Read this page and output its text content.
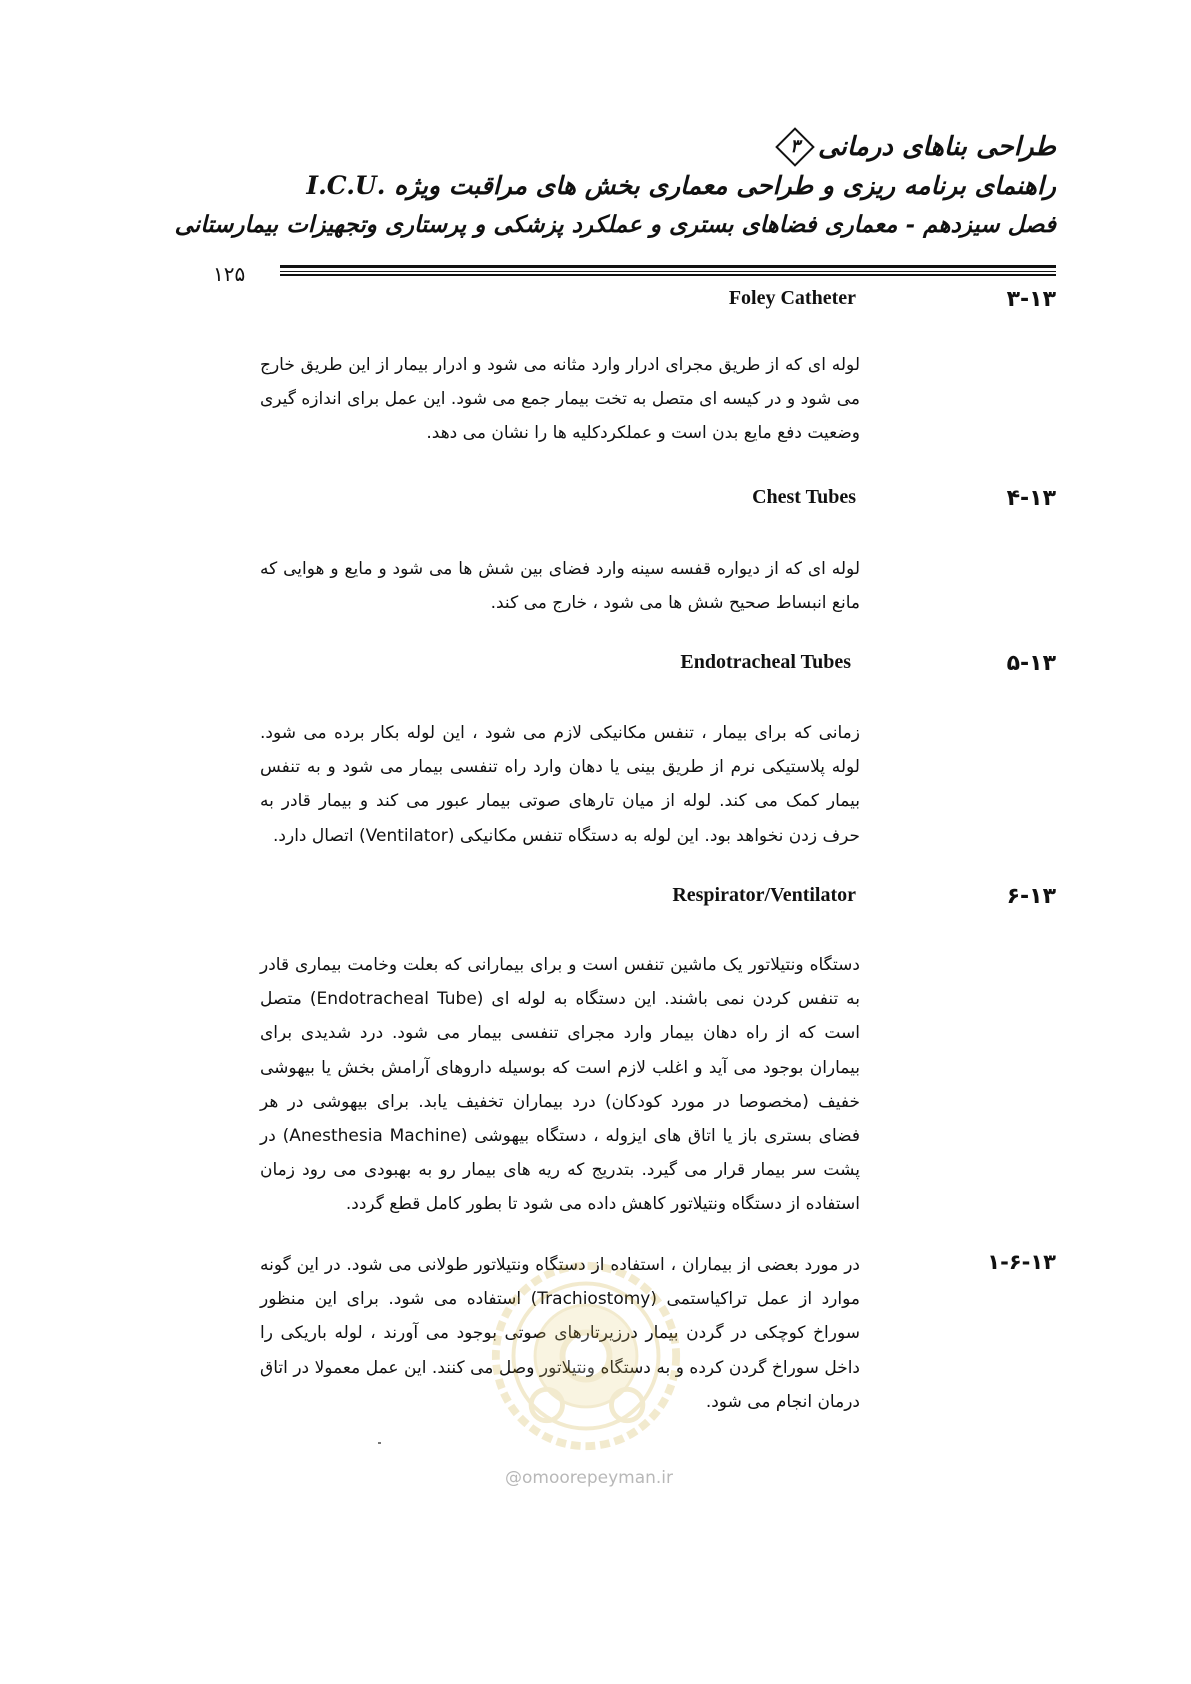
طراحی بناهای درمانی
۳
راهنمای برنامه ریزی و طراحی معماری بخش های مراقبت ویژه .I.C.U
فصل سیزدهم - معماری فضاهای بستری و عملکرد پزشکی و پرستاری وتجهیزات بیمارستانی
۱۲۵
۳-۱۳
Foley Catheter
لوله ای که از طریق مجرای ادرار وارد مثانه می شود و ادرار بیمار از این طریق خارج می شود و در کیسه ای متصل به تخت بیمار جمع می شود. این عمل برای اندازه گیری وضعیت دفع مایع بدن است و عملکردکلیه ها را نشان می دهد.
۴-۱۳
Chest Tubes
لوله ای که از دیواره قفسه سینه وارد فضای بین شش ها می شود و مایع و هوایی که مانع انبساط صحیح شش ها می شود ، خارج می کند.
۵-۱۳
Endotracheal Tubes
زمانی که برای بیمار ، تنفس مکانیکی لازم می شود ، این لوله بکار برده می شود. لوله پلاستیکی نرم از طریق بینی یا دهان وارد راه تنفسی بیمار می شود و به تنفس بیمار کمک می کند. لوله از میان تارهای صوتی بیمار عبور می کند و بیمار قادر به حرف زدن نخواهد بود. این لوله به دستگاه تنفس مکانیکی (Ventilator) اتصال دارد.
۶-۱۳
Respirator/Ventilator
دستگاه ونتیلاتور یک ماشین تنفس است و برای بیمارانی که بعلت وخامت بیماری قادر به تنفس کردن نمی باشند. این دستگاه به لوله ای (Endotracheal Tube) متصل است که از راه دهان بیمار وارد مجرای تنفسی بیمار می شود. درد شدیدی برای بیماران بوجود می آید و اغلب لازم است که بوسیله داروهای آرامش بخش یا بیهوشی خفیف (مخصوصا در مورد کودکان) درد بیماران تخفیف یابد. برای بیهوشی در هر فضای بستری باز یا اتاق های ایزوله ، دستگاه بیهوشی (Anesthesia Machine) در پشت سر بیمار قرار می گیرد. بتدریج که ریه های بیمار رو به بهبودی می رود زمان استفاده از دستگاه ونتیلاتور کاهش داده می شود تا بطور کامل قطع گردد.
۱-۶-۱۳
در مورد بعضی از بیماران ، استفاده از دستگاه ونتیلاتور طولانی می شود. در این گونه موارد از عمل تراکیاستمی (Trachiostomy) استفاده می شود. برای این منظور سوراخ کوچکی در گردن بیمار درزیرتارهای صوتی بوجود می آورند ، لوله باریکی را داخل سوراخ گردن کرده و به دستگاه ونتیلاتور وصل می کنند. این عمل معمولا در اتاق درمان انجام می شود.
@omoorepeyman.ir
